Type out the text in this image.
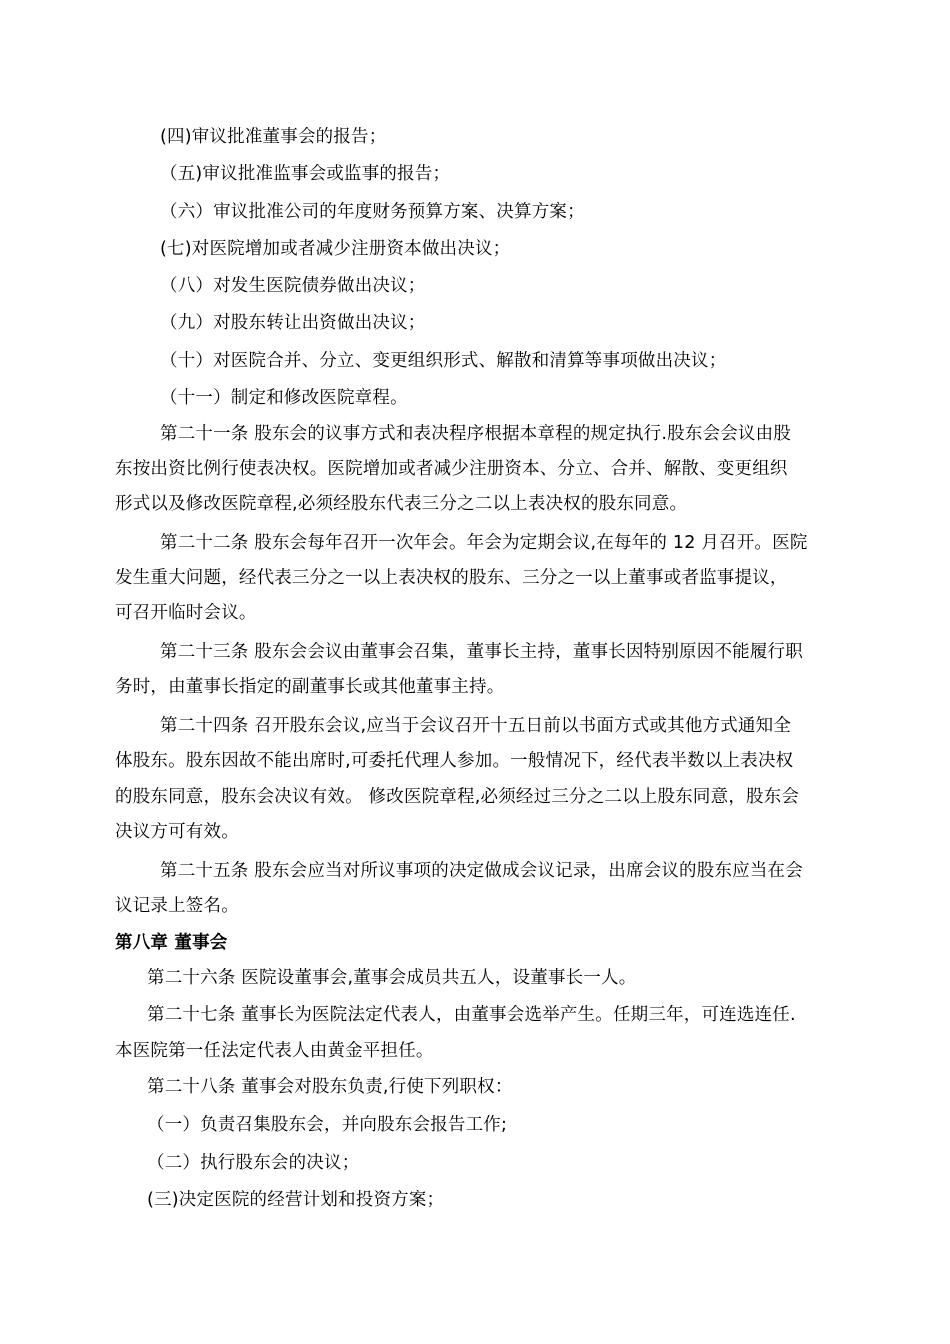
(四)审议批准董事会的报告；
（五)审议批准监事会或监事的报告；
（六）审议批准公司的年度财务预算方案、决算方案；
(七)对医院增加或者减少注册资本做出决议；
（八）对发生医院债券做出决议；
（九）对股东转让出资做出决议；
（十）对医院合并、分立、变更组织形式、解散和清算等事项做出决议；
（十一）制定和修改医院章程。
第二十一条 股东会的议事方式和表决程序根据本章程的规定执行.股东会会议由股
东按出资比例行使表决权。医院增加或者减少注册资本、分立、合并、解散、变更组织
形式以及修改医院章程,必须经股东代表三分之二以上表决权的股东同意。
第二十二条 股东会每年召开一次年会。年会为定期会议,在每年的 12 月召开。医院
发生重大问题，经代表三分之一以上表决权的股东、三分之一以上董事或者监事提议，
可召开临时会议。
第二十三条 股东会会议由董事会召集，董事长主持，董事长因特别原因不能履行职
务时，由董事长指定的副董事长或其他董事主持。
第二十四条 召开股东会议,应当于会议召开十五日前以书面方式或其他方式通知全
体股东。股东因故不能出席时,可委托代理人参加。一般情况下，经代表半数以上表决权
的股东同意，股东会决议有效。 修改医院章程,必须经过三分之二以上股东同意，股东会
决议方可有效。
第二十五条 股东会应当对所议事项的决定做成会议记录，出席会议的股东应当在会
议记录上签名。
第八章 董事会
第二十六条 医院设董事会,董事会成员共五人，设董事长一人。
第二十七条 董事长为医院法定代表人，由董事会选举产生。任期三年，可连选连任.
本医院第一任法定代表人由黄金平担任。
第二十八条 董事会对股东负责,行使下列职权：
（一）负责召集股东会，并向股东会报告工作;
（二）执行股东会的决议；
(三)决定医院的经营计划和投资方案；
